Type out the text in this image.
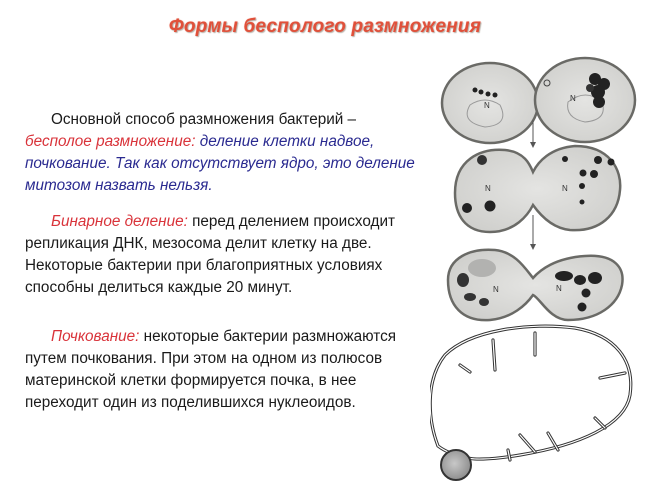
Формы бесполого размножения
Основной способ размножения бактерий –
бесполое размножение: деление клетки надвое, почкование. Так как отсутствует ядро, это деление митозом назвать нельзя.
Бинарное деление: перед делением происходит репликация ДНК, мезосома делит клетку на две. Некоторые бактерии при благоприятных условиях способны делиться каждые 20 минут.
Почкование: некоторые бактерии размножаются путем почкования. При этом на одном из полюсов материнской клетки формируется почка, в нее переходит один из поделившихся нуклеоидов.
N
N
N	N
N	N
